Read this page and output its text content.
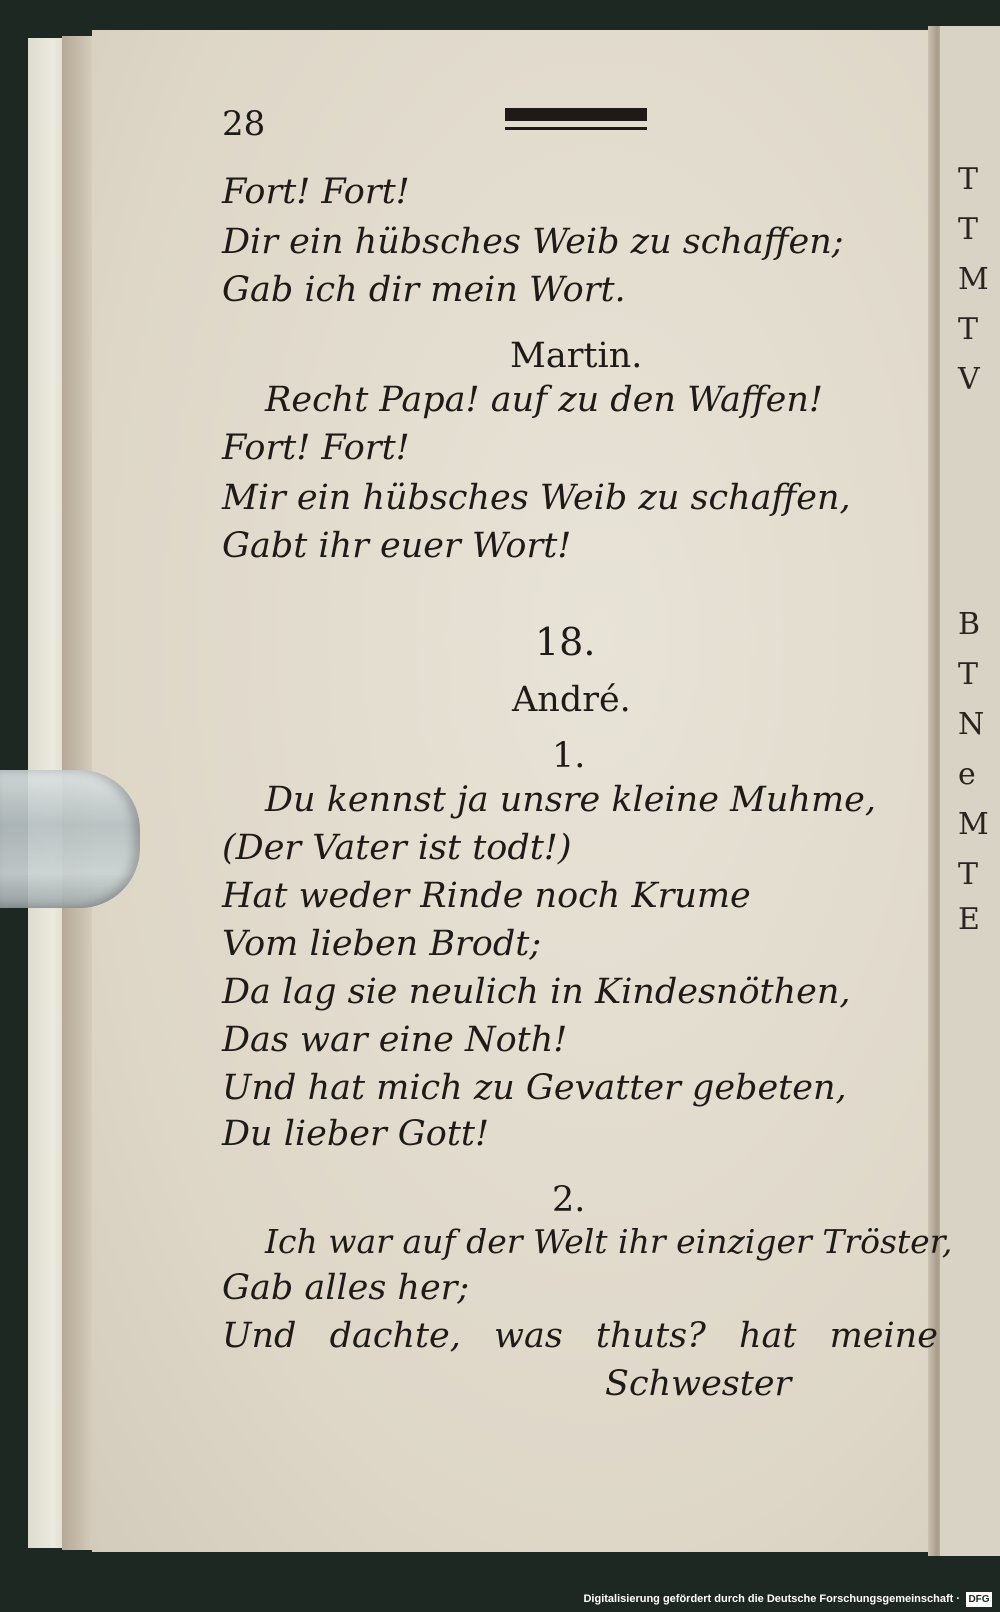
T
T
M
T
V
B
T
N
e
M
T
E
28
Fort! Fort!
Dir ein hübsches Weib zu schaffen;
Gab ich dir mein Wort.
Martin.
Recht Papa! auf zu den Waffen!
Fort! Fort!
Mir ein hübsches Weib zu schaffen,
Gabt ihr euer Wort!
18.
André.
1.
Du kennst ja unsre kleine Muhme,
(Der Vater ist todt!)
Hat weder Rinde noch Krume
Vom lieben Brodt;
Da lag sie neulich in Kindesnöthen,
Das war eine Noth!
Und hat mich zu Gevatter gebeten,
Du lieber Gott!
2.
Ich war auf der Welt ihr einziger Tröster,
Gab alles her;
Und dachte, was thuts? hat meine
Schwester
Digitalisierung gefördert durch die Deutsche Forschungsgemeinschaft · DFG
